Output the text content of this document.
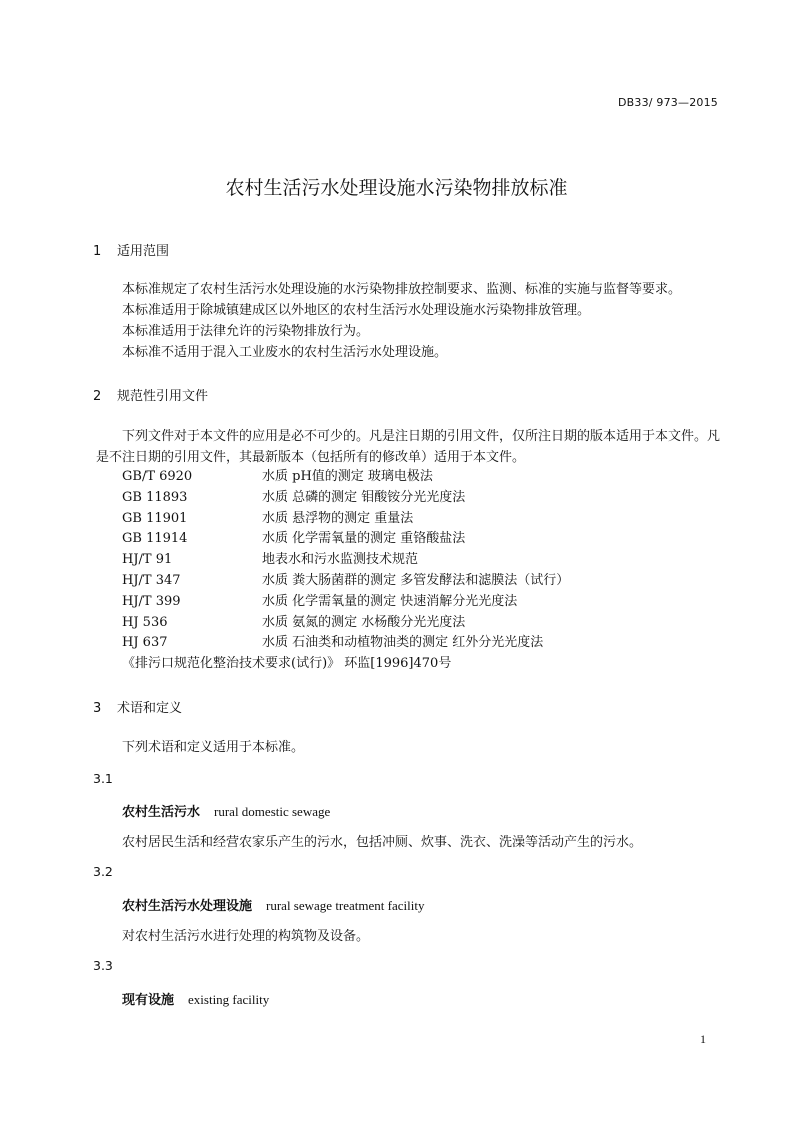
DB33/ 973—2015
农村生活污水处理设施水污染物排放标准
1 适用范围
本标准规定了农村生活污水处理设施的水污染物排放控制要求、监测、标准的实施与监督等要求。
本标准适用于除城镇建成区以外地区的农村生活污水处理设施水污染物排放管理。
本标准适用于法律允许的污染物排放行为。
本标准不适用于混入工业废水的农村生活污水处理设施。
2 规范性引用文件
下列文件对于本文件的应用是必不可少的。凡是注日期的引用文件，仅所注日期的版本适用于本文件。凡是不注日期的引用文件，其最新版本（包括所有的修改单）适用于本文件。
GB/T 6920	水质 pH值的测定 玻璃电极法
GB 11893	水质 总磷的测定 钼酸铵分光光度法
GB 11901	水质 悬浮物的测定 重量法
GB 11914	水质 化学需氧量的测定 重铬酸盐法
HJ/T 91	地表水和污水监测技术规范
HJ/T 347	水质 粪大肠菌群的测定 多管发酵法和滤膜法（试行）
HJ/T 399	水质 化学需氧量的测定 快速消解分光光度法
HJ 536	水质 氨氮的测定 水杨酸分光光度法
HJ 637	水质 石油类和动植物油类的测定 红外分光光度法
《排污口规范化整治技术要求(试行)》 环监[1996]470号
3 术语和定义
下列术语和定义适用于本标准。
3.1
农村生活污水 rural domestic sewage
农村居民生活和经营农家乐产生的污水，包括冲厕、炊事、洗衣、洗澡等活动产生的污水。
3.2
农村生活污水处理设施 rural sewage treatment facility
对农村生活污水进行处理的构筑物及设备。
3.3
现有设施 existing facility
1
